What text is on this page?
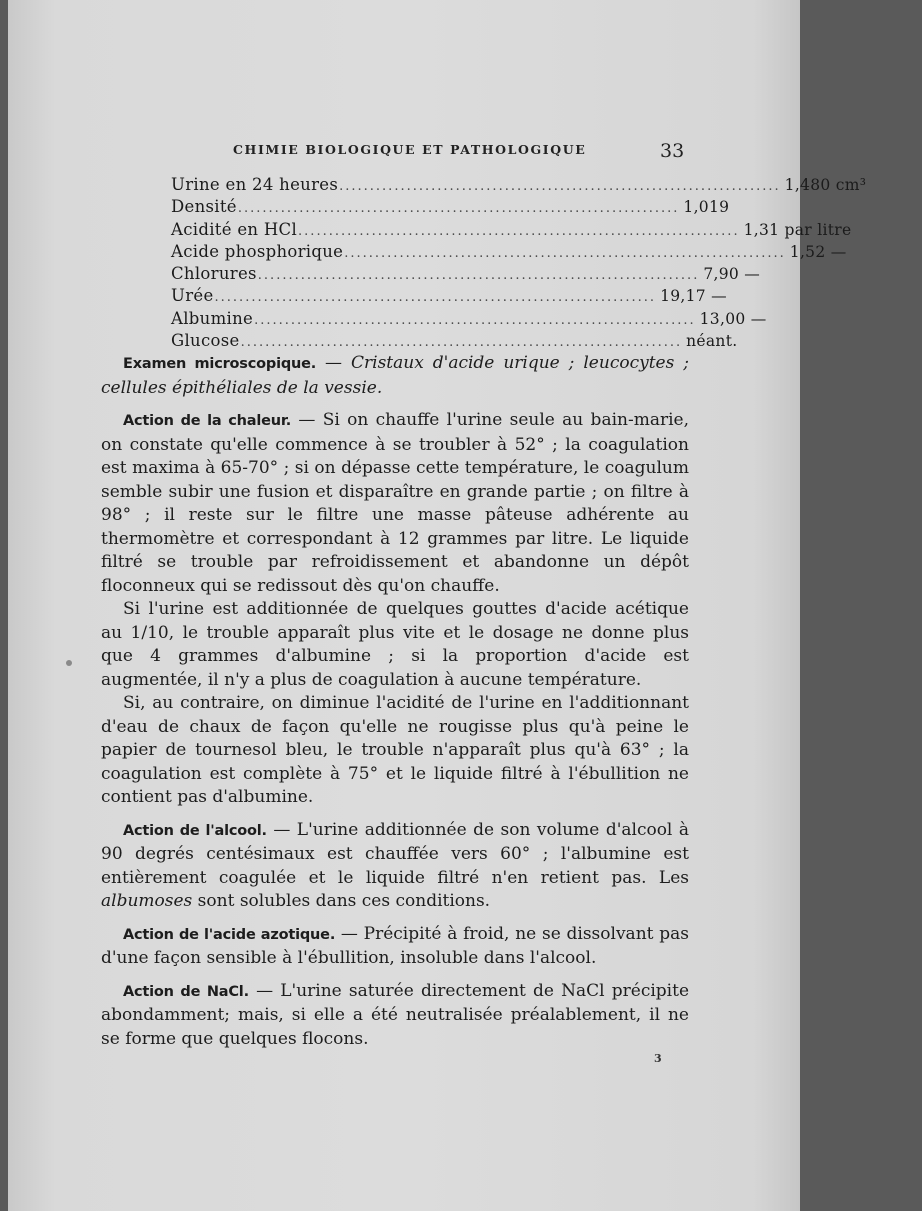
CHIMIE BIOLOGIQUE ET PATHOLOGIQUE	33
Urine en 24 heures ........................................................................ 1,480 cm³
Densité ........................................................................ 1,019
Acidité en HCl ........................................................................ 1,31 par litre
Acide phosphorique ........................................................................ 1,52 —
Chlorures ........................................................................ 7,90 —
Urée ........................................................................ 19,17 —
Albumine ........................................................................ 13,00 —
Glucose ........................................................................ néant.

Examen microscopique. — Cristaux d'acide urique ; leucocytes ; cellules épithéliales de la vessie.

Action de la chaleur. — Si on chauffe l'urine seule au bain-marie, on constate qu'elle commence à se troubler à 52° ; la coagulation est maxima à 65-70° ; si on dépasse cette température, le coagulum semble subir une fusion et disparaître en grande partie ; on filtre à 98° ; il reste sur le filtre une masse pâteuse adhérente au thermomètre et correspondant à 12 grammes par litre. Le liquide filtré se trouble par refroidissement et abandonne un dépôt floconneux qui se redissout dès qu'on chauffe.

Si l'urine est additionnée de quelques gouttes d'acide acétique au 1/10, le trouble apparaît plus vite et le dosage ne donne plus que 4 grammes d'albumine ; si la proportion d'acide est augmentée, il n'y a plus de coagulation à aucune température.

Si, au contraire, on diminue l'acidité de l'urine en l'additionnant d'eau de chaux de façon qu'elle ne rougisse plus qu'à peine le papier de tournesol bleu, le trouble n'apparaît plus qu'à 63° ; la coagulation est complète à 75° et le liquide filtré à l'ébullition ne contient pas d'albumine.

Action de l'alcool. — L'urine additionnée de son volume d'alcool à 90 degrés centésimaux est chauffée vers 60° ; l'albumine est entièrement coagulée et le liquide filtré n'en retient pas. Les albumoses sont solubles dans ces conditions.

Action de l'acide azotique. — Précipité à froid, ne se dissolvant pas d'une façon sensible à l'ébullition, insoluble dans l'alcool.

Action de NaCl. — L'urine saturée directement de NaCl précipite abondamment; mais, si elle a été neutralisée préalablement, il ne se forme que quelques flocons.

3
